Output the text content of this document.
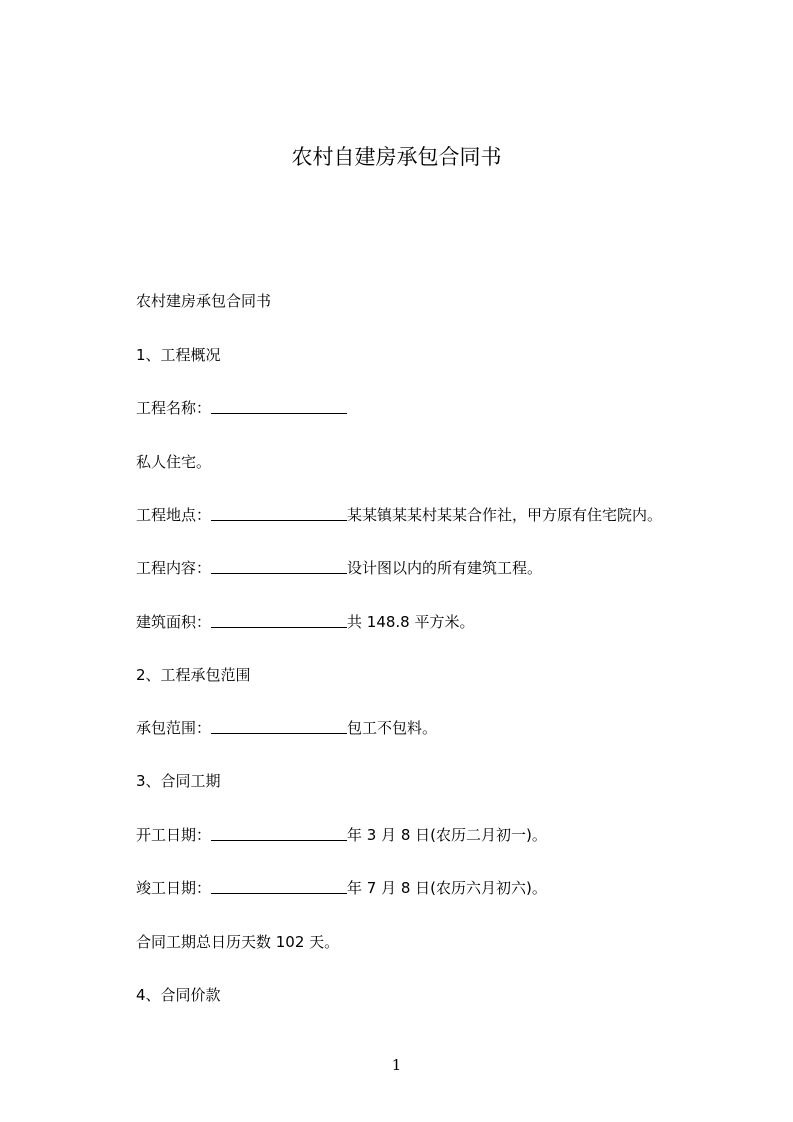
农村自建房承包合同书
农村建房承包合同书
1、工程概况
工程名称：
私人住宅。
工程地点：	某某镇某某村某某合作社，甲方原有住宅院内。
工程内容：	设计图以内的所有建筑工程。
建筑面积：	共 148.8 平方米。
2、工程承包范围
承包范围：	包工不包料。
3、合同工期
开工日期：	年 3 月 8 日(农历二月初一)。
竣工日期：	年 7 月 8 日(农历六月初六)。
合同工期总日历天数 102 天。
4、合同价款
1
